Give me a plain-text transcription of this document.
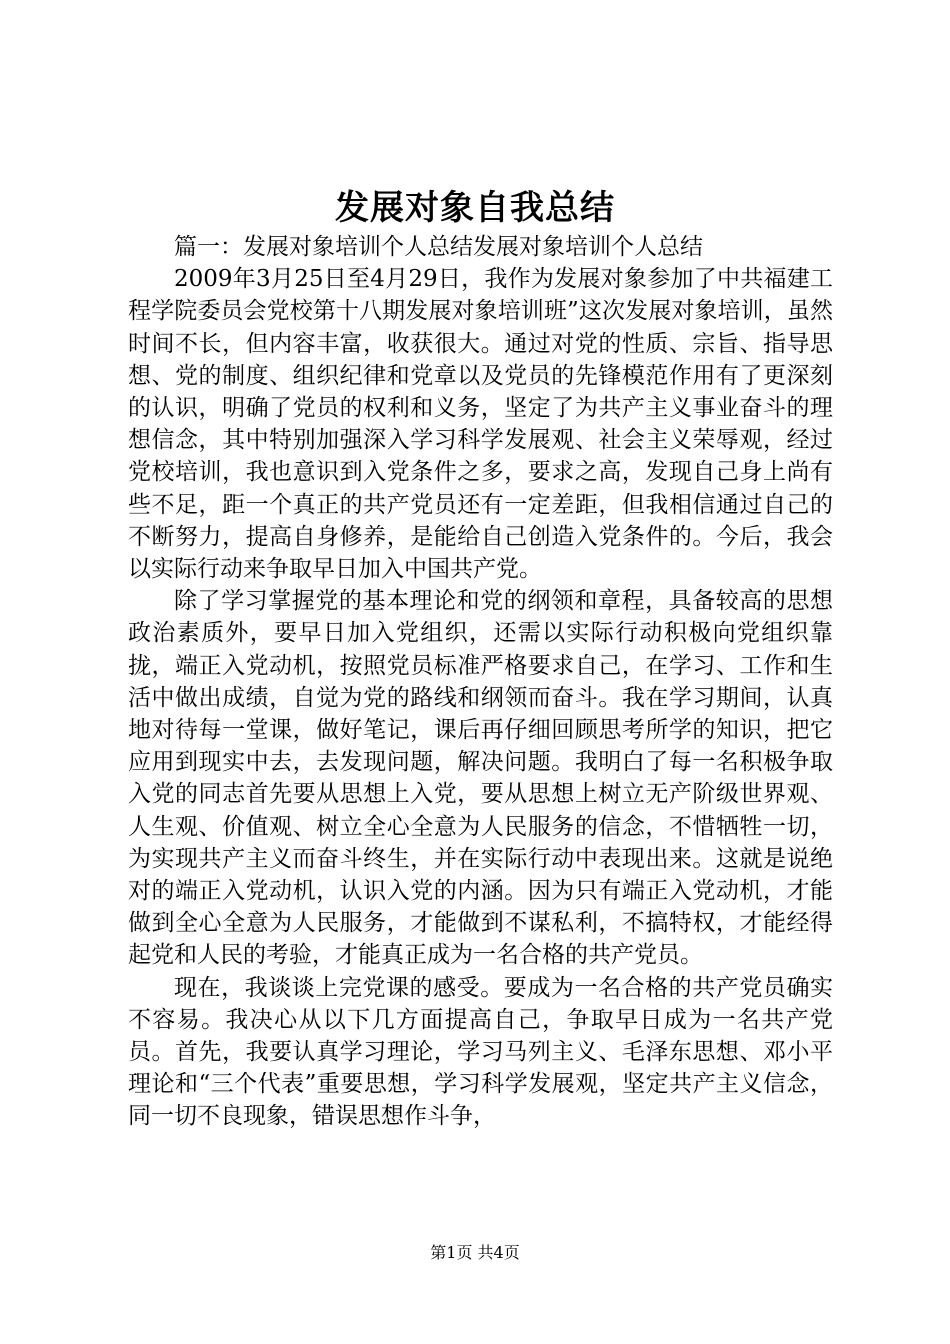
发展对象自我总结

篇一：发展对象培训个人总结发展对象培训个人总结

2009年3月25日至4月29日，我作为发展对象参加了中共福建工程学院委员会党校第十八期发展对象培训班”这次发展对象培训，虽然时间不长，但内容丰富，收获很大。通过对党的性质、宗旨、指导思想、党的制度、组织纪律和党章以及党员的先锋模范作用有了更深刻的认识，明确了党员的权利和义务，坚定了为共产主义事业奋斗的理想信念，其中特别加强深入学习科学发展观、社会主义荣辱观，经过党校培训，我也意识到入党条件之多，要求之高，发现自己身上尚有些不足，距一个真正的共产党员还有一定差距，但我相信通过自己的不断努力，提高自身修养，是能给自己创造入党条件的。今后，我会以实际行动来争取早日加入中国共产党。

除了学习掌握党的基本理论和党的纲领和章程，具备较高的思想政治素质外，要早日加入党组织，还需以实际行动积极向党组织靠拢，端正入党动机，按照党员标准严格要求自己，在学习、工作和生活中做出成绩，自觉为党的路线和纲领而奋斗。我在学习期间，认真地对待每一堂课，做好笔记，课后再仔细回顾思考所学的知识，把它应用到现实中去，去发现问题，解决问题。我明白了每一名积极争取入党的同志首先要从思想上入党，要从思想上树立无产阶级世界观、人生观、价值观、树立全心全意为人民服务的信念，不惜牺牲一切，为实现共产主义而奋斗终生，并在实际行动中表现出来。这就是说绝对的端正入党动机，认识入党的内涵。因为只有端正入党动机，才能做到全心全意为人民服务，才能做到不谋私利，不搞特权，才能经得起党和人民的考验，才能真正成为一名合格的共产党员。

现在，我谈谈上完党课的感受。要成为一名合格的共产党员确实不容易。我决心从以下几方面提高自己，争取早日成为一名共产党员。首先，我要认真学习理论，学习马列主义、毛泽东思想、邓小平理论和“三个代表”重要思想，学习科学发展观，坚定共产主义信念，同一切不良现象，错误思想作斗争，

第1页 共4页
